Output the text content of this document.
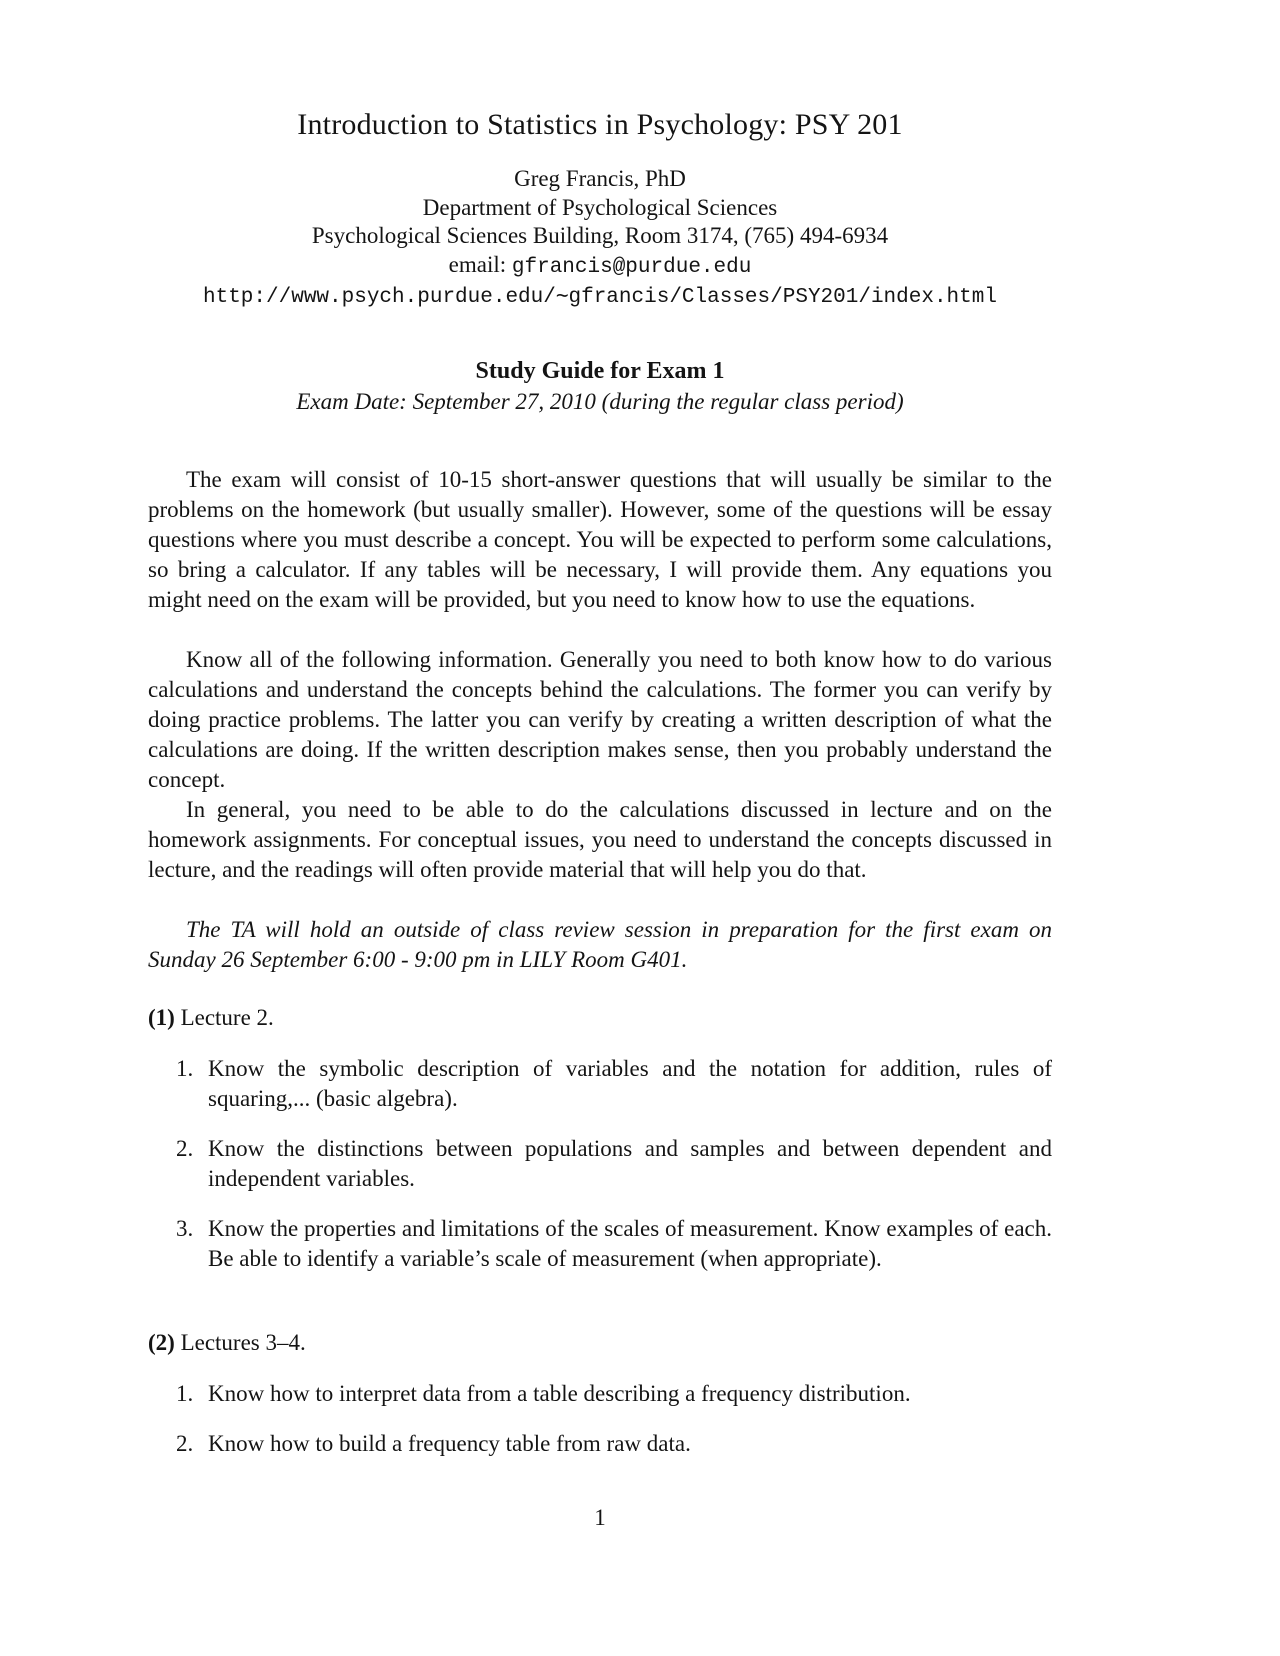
Introduction to Statistics in Psychology: PSY 201
Greg Francis, PhD
Department of Psychological Sciences
Psychological Sciences Building, Room 3174, (765) 494-6934
email: gfrancis@purdue.edu
http://www.psych.purdue.edu/∼gfrancis/Classes/PSY201/index.html
Study Guide for Exam 1
Exam Date: September 27, 2010 (during the regular class period)
The exam will consist of 10-15 short-answer questions that will usually be similar to the problems on the homework (but usually smaller). However, some of the questions will be essay questions where you must describe a concept. You will be expected to perform some calculations, so bring a calculator. If any tables will be necessary, I will provide them. Any equations you might need on the exam will be provided, but you need to know how to use the equations.
Know all of the following information. Generally you need to both know how to do various calculations and understand the concepts behind the calculations. The former you can verify by doing practice problems. The latter you can verify by creating a written description of what the calculations are doing. If the written description makes sense, then you probably understand the concept.
In general, you need to be able to do the calculations discussed in lecture and on the homework assignments. For conceptual issues, you need to understand the concepts discussed in lecture, and the readings will often provide material that will help you do that.
The TA will hold an outside of class review session in preparation for the first exam on Sunday 26 September 6:00 - 9:00 pm in LILY Room G401.
(1) Lecture 2.
1. Know the symbolic description of variables and the notation for addition, rules of squaring,... (basic algebra).
2. Know the distinctions between populations and samples and between dependent and independent variables.
3. Know the properties and limitations of the scales of measurement. Know examples of each. Be able to identify a variable’s scale of measurement (when appropriate).
(2) Lectures 3–4.
1. Know how to interpret data from a table describing a frequency distribution.
2. Know how to build a frequency table from raw data.
1
